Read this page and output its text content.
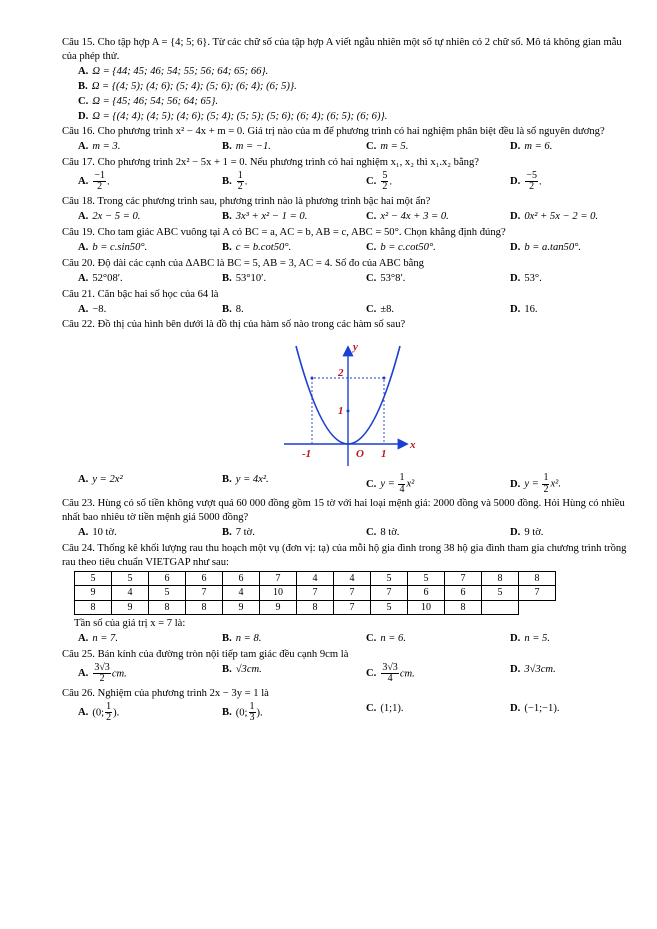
Câu 15. Cho tập hợp A = {4; 5; 6}. Từ các chữ số của tập hợp A viết ngẫu nhiên một số tự nhiên có 2 chữ số. Mô tả không gian mẫu của phép thử.

A. Ω = {44; 45; 46; 54; 55; 56; 64; 65; 66}.
B. Ω = {(4; 5); (4; 6); (5; 4); (5; 6); (6; 4); (6; 5)}.
C. Ω = {45; 46; 54; 56; 64; 65}.
D. Ω = {(4; 4); (4; 5); (4; 6); (5; 4); (5; 5); (5; 6); (6; 4); (6; 5); (6; 6)}.

Câu 16. Cho phương trình x² − 4x + m = 0. Giá trị nào của m để phương trình có hai nghiệm phân biệt đều là số nguyên dương?

A. m = 3.	B. m = −1.	C. m = 5.	D. m = 6.

Câu 17. Cho phương trình 2x² − 5x + 1 = 0. Nếu phương trình có hai nghiệm x₁, x₂ thì x₁.x₂ bằng?

A. $\frac{-1}{2}$ .	B. $\frac{1}{2}$ .	C. $\frac{5}{2}$ .	D. $\frac{-5}{2}$ .

Câu 18. Trong các phương trình sau, phương trình nào là phương trình bậc hai một ẩn?

A. 2x − 5 = 0.	B. 3x³ + x² − 1 = 0.	C. x² − 4x + 3 = 0.	D. 0x² + 5x − 2 = 0.

Câu 19. Cho tam giác ABC vuông tại A có BC = a, AC = b, AB = c, ABC = 50°. Chọn khẳng định đúng?

A. b = c.sin50°.	B. c = b.cot50°.	C. b = c.cot50°.	D. b = a.tan50°.

Câu 20. Độ dài các cạnh của ΔABC là BC = 5, AB = 3, AC = 4. Số đo của ABC bằng

A. 52°08′.	B. 53°10′.	C. 53°8′.	D. 53°.

Câu 21. Căn bậc hai số học của 64 là

A. −8.	B. 8.	C. ±8.	D. 16.

Câu 22. Đồ thị của hình bên dưới là đồ thị của hàm số nào trong các hàm số sau?

y
x
O
-1	1
1
2
A. y = 2x²	B. y = 4x².	C. $y = \frac{1}{4} x^2$	D. $y = \frac{1}{2} x^2$.

Câu 23. Hùng có số tiền không vượt quá 60 000 đồng gồm 15 tờ với hai loại mệnh giá: 2000 đồng và 5000 đồng. Hỏi Hùng có nhiều nhất bao nhiêu tờ tiền mệnh giá 5000 đồng?

A. 10 tờ.	B. 7 tờ.	C. 8 tờ.	D. 9 tờ.

Câu 24. Thống kê khối lượng rau thu hoạch một vụ (đơn vị: tạ) của mỗi hộ gia đình trong 38 hộ gia đình tham gia chương trình trồng rau theo tiêu chuẩn VIETGAP như sau:

5	5	6	6	6	7	4	4	5	5	7	8	8
9	4	5	7	4	10	7	7	7	6	6	5	7
8	9	8	8	9	9	8	7	5	10	8		
Tần số của giá trị x = 7 là:
A. n = 7.	B. n = 8.	C. n = 6.	D. n = 5.

Câu 25. Bán kính của đường tròn nội tiếp tam giác đều cạnh 9cm là

A. $\frac{3√3}{2}$ cm.	B. √3cm.	C. $\frac{3√3}{4}$ cm.	D. 3√3cm.

Câu 26. Nghiệm của phương trình 2x − 3y = 1 là

A. (0; $\frac{1}{2}$ ).	B. (0; $\frac{1}{3}$ ).	C. (1;1).	D. (−1;−1).
